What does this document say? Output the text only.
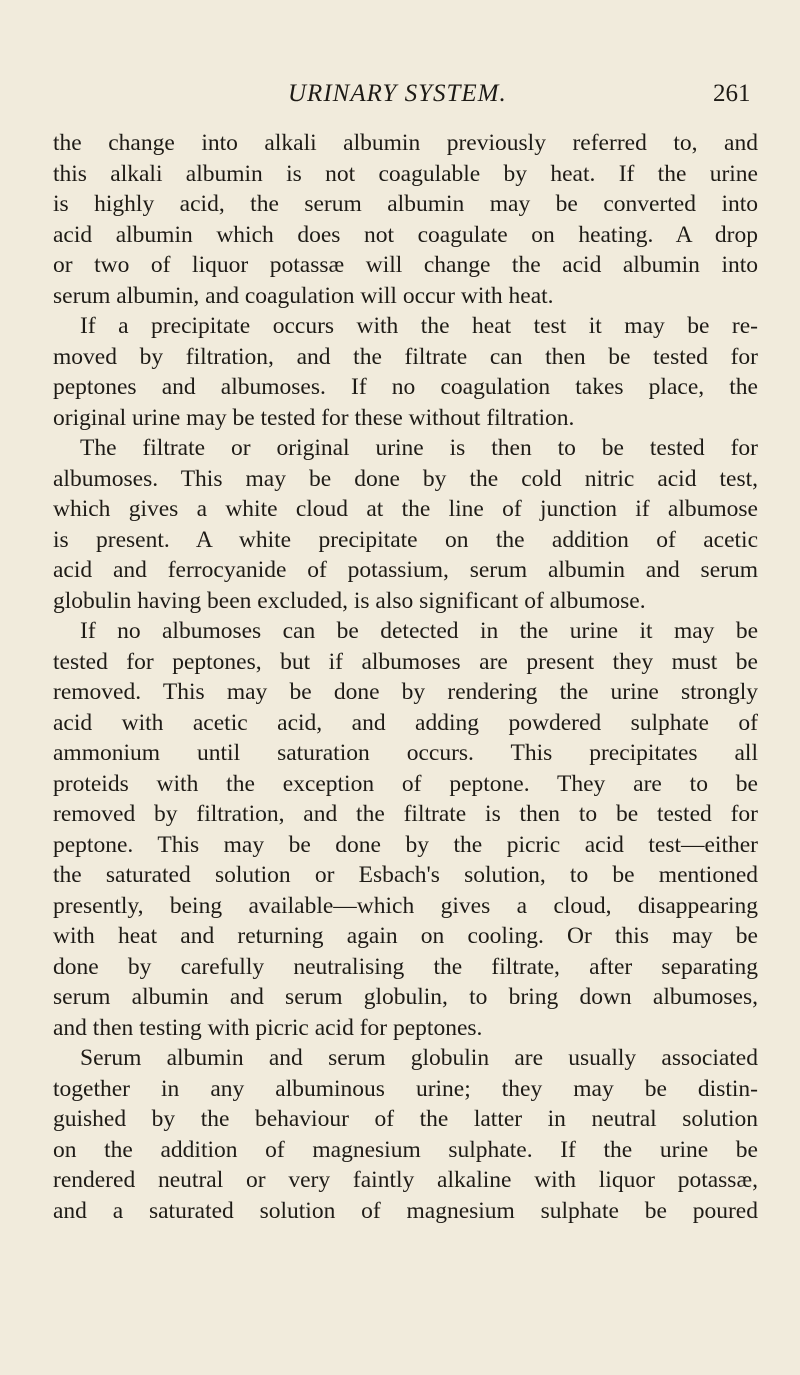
URINARY SYSTEM.	261
the change into alkali albumin previously referred to, and
this alkali albumin is not coagulable by heat. If the urine
is highly acid, the serum albumin may be converted into
acid albumin which does not coagulate on heating. A drop
or two of liquor potassæ will change the acid albumin into
serum albumin, and coagulation will occur with heat.
If a precipitate occurs with the heat test it may be re-
moved by filtration, and the filtrate can then be tested for
peptones and albumoses. If no coagulation takes place, the
original urine may be tested for these without filtration.
The filtrate or original urine is then to be tested for
albumoses. This may be done by the cold nitric acid test,
which gives a white cloud at the line of junction if albumose
is present. A white precipitate on the addition of acetic
acid and ferrocyanide of potassium, serum albumin and serum
globulin having been excluded, is also significant of albumose.
If no albumoses can be detected in the urine it may be
tested for peptones, but if albumoses are present they must be
removed. This may be done by rendering the urine strongly
acid with acetic acid, and adding powdered sulphate of
ammonium until saturation occurs. This precipitates all
proteids with the exception of peptone. They are to be
removed by filtration, and the filtrate is then to be tested for
peptone. This may be done by the picric acid test—either
the saturated solution or Esbach's solution, to be mentioned
presently, being available—which gives a cloud, disappearing
with heat and returning again on cooling. Or this may be
done by carefully neutralising the filtrate, after separating
serum albumin and serum globulin, to bring down albumoses,
and then testing with picric acid for peptones.
Serum albumin and serum globulin are usually associated
together in any albuminous urine; they may be distin-
guished by the behaviour of the latter in neutral solution
on the addition of magnesium sulphate. If the urine be
rendered neutral or very faintly alkaline with liquor potassæ,
and a saturated solution of magnesium sulphate be poured
